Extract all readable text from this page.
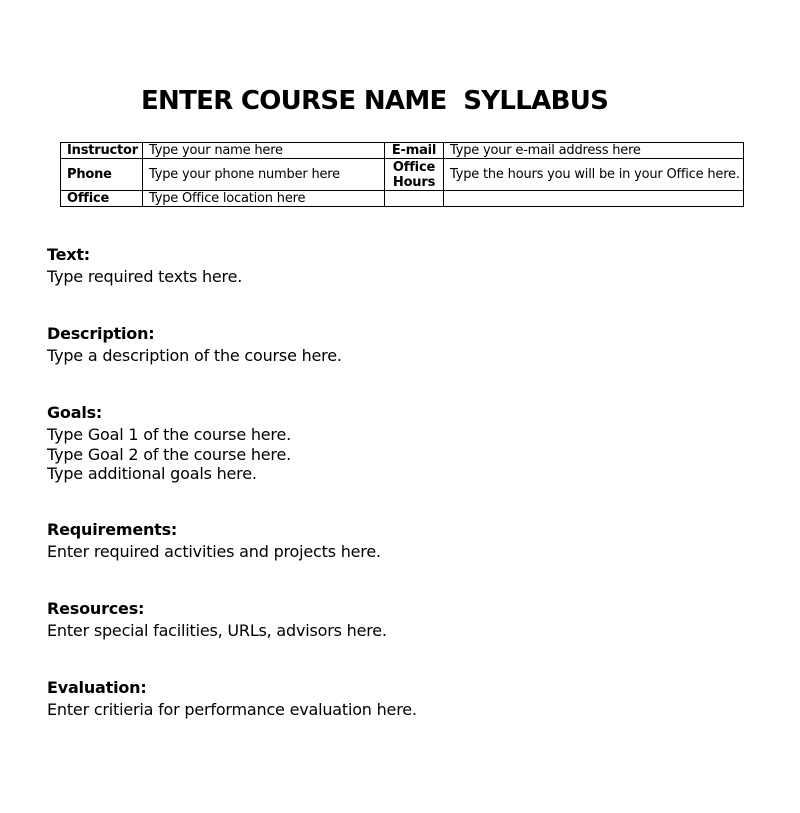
ENTER COURSE NAME  SYLLABUS
Instructor	Type your name here	E-mail	Type your e-mail address here
Phone	Type your phone number here	Office Hours	Type the hours you will be in your Office here.
Office	Type Office location here		
Text:

Type required texts here.

Description:

Type a description of the course here.

Goals:

Type Goal 1 of the course here.

Type Goal 2 of the course here.

Type additional goals here.

Requirements:

Enter required activities and projects here.

Resources:

Enter special facilities, URLs, advisors here.

Evaluation:

Enter critieria for performance evaluation here.
